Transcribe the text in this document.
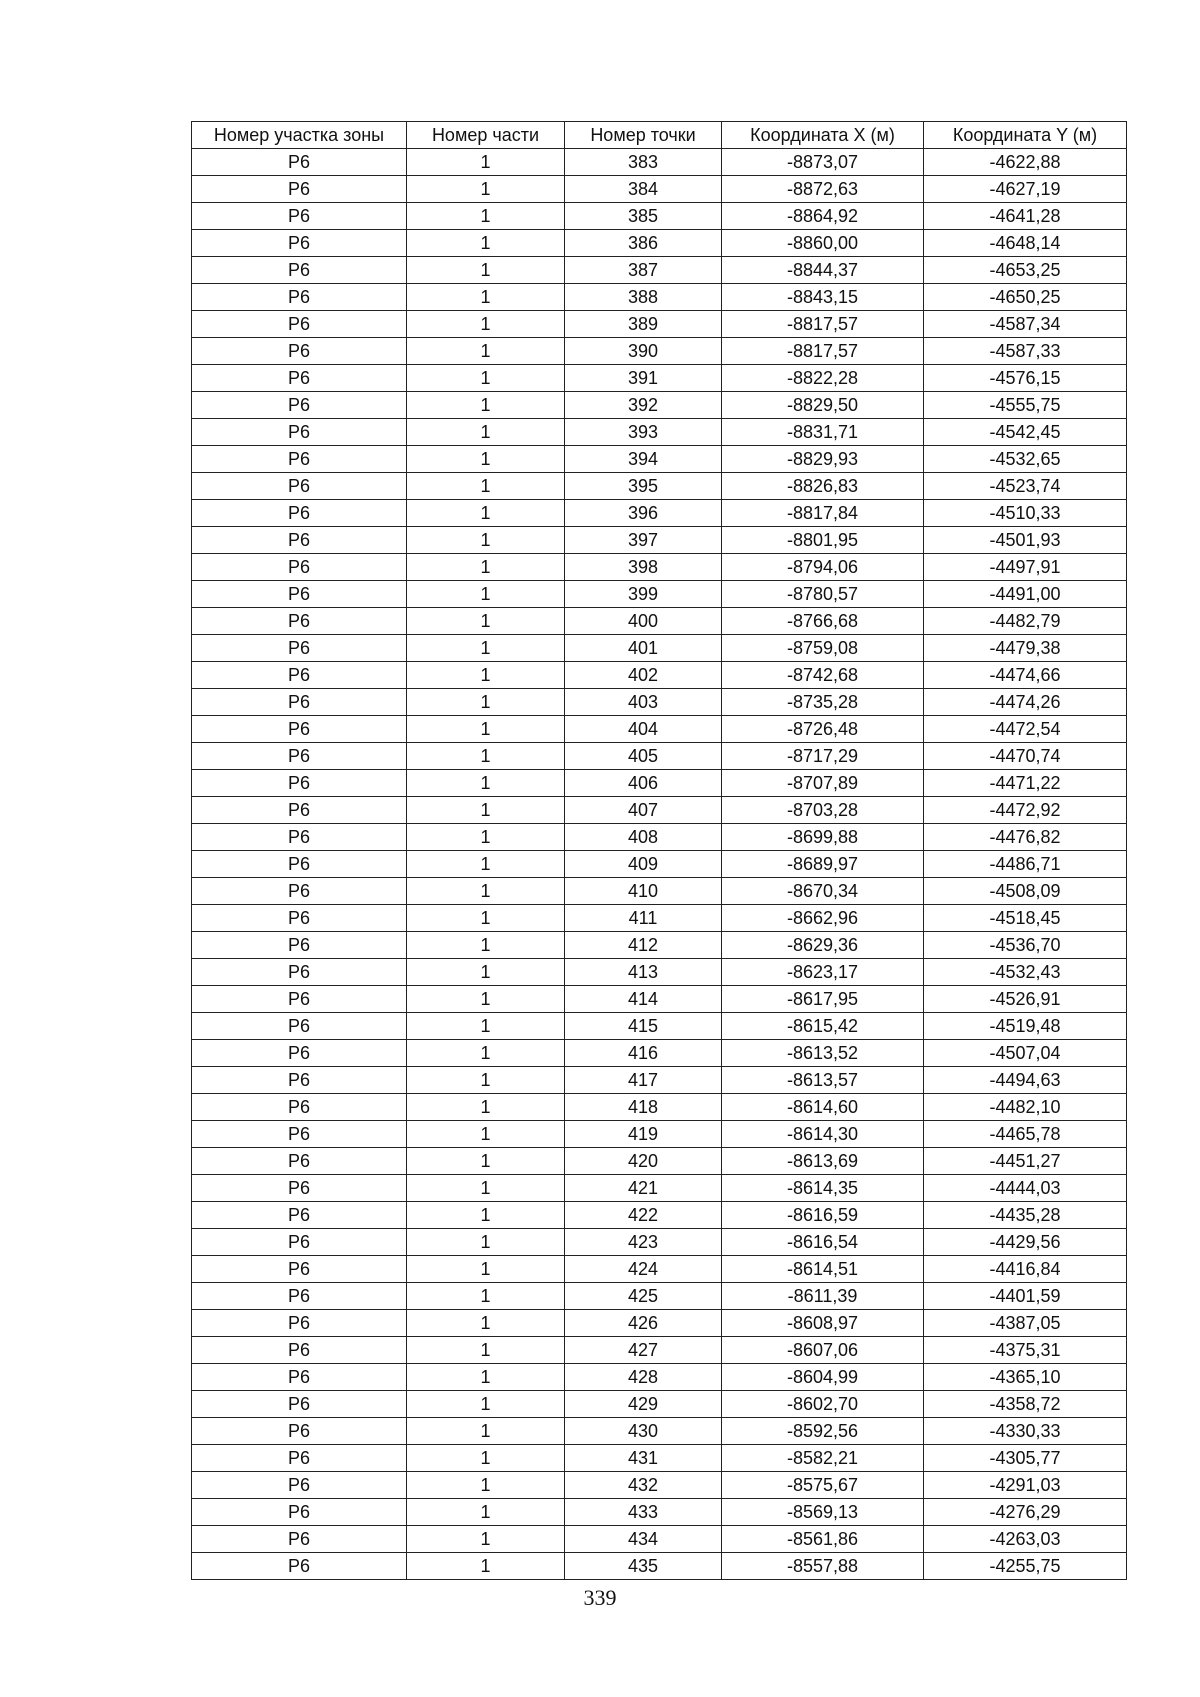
Номер участка зоны	Номер части	Номер точки	Координата X (м)	Координата Y (м)
Р6	1	383	-8873,07	-4622,88
Р6	1	384	-8872,63	-4627,19
Р6	1	385	-8864,92	-4641,28
Р6	1	386	-8860,00	-4648,14
Р6	1	387	-8844,37	-4653,25
Р6	1	388	-8843,15	-4650,25
Р6	1	389	-8817,57	-4587,34
Р6	1	390	-8817,57	-4587,33
Р6	1	391	-8822,28	-4576,15
Р6	1	392	-8829,50	-4555,75
Р6	1	393	-8831,71	-4542,45
Р6	1	394	-8829,93	-4532,65
Р6	1	395	-8826,83	-4523,74
Р6	1	396	-8817,84	-4510,33
Р6	1	397	-8801,95	-4501,93
Р6	1	398	-8794,06	-4497,91
Р6	1	399	-8780,57	-4491,00
Р6	1	400	-8766,68	-4482,79
Р6	1	401	-8759,08	-4479,38
Р6	1	402	-8742,68	-4474,66
Р6	1	403	-8735,28	-4474,26
Р6	1	404	-8726,48	-4472,54
Р6	1	405	-8717,29	-4470,74
Р6	1	406	-8707,89	-4471,22
Р6	1	407	-8703,28	-4472,92
Р6	1	408	-8699,88	-4476,82
Р6	1	409	-8689,97	-4486,71
Р6	1	410	-8670,34	-4508,09
Р6	1	411	-8662,96	-4518,45
Р6	1	412	-8629,36	-4536,70
Р6	1	413	-8623,17	-4532,43
Р6	1	414	-8617,95	-4526,91
Р6	1	415	-8615,42	-4519,48
Р6	1	416	-8613,52	-4507,04
Р6	1	417	-8613,57	-4494,63
Р6	1	418	-8614,60	-4482,10
Р6	1	419	-8614,30	-4465,78
Р6	1	420	-8613,69	-4451,27
Р6	1	421	-8614,35	-4444,03
Р6	1	422	-8616,59	-4435,28
Р6	1	423	-8616,54	-4429,56
Р6	1	424	-8614,51	-4416,84
Р6	1	425	-8611,39	-4401,59
Р6	1	426	-8608,97	-4387,05
Р6	1	427	-8607,06	-4375,31
Р6	1	428	-8604,99	-4365,10
Р6	1	429	-8602,70	-4358,72
Р6	1	430	-8592,56	-4330,33
Р6	1	431	-8582,21	-4305,77
Р6	1	432	-8575,67	-4291,03
Р6	1	433	-8569,13	-4276,29
Р6	1	434	-8561,86	-4263,03
Р6	1	435	-8557,88	-4255,75
339
